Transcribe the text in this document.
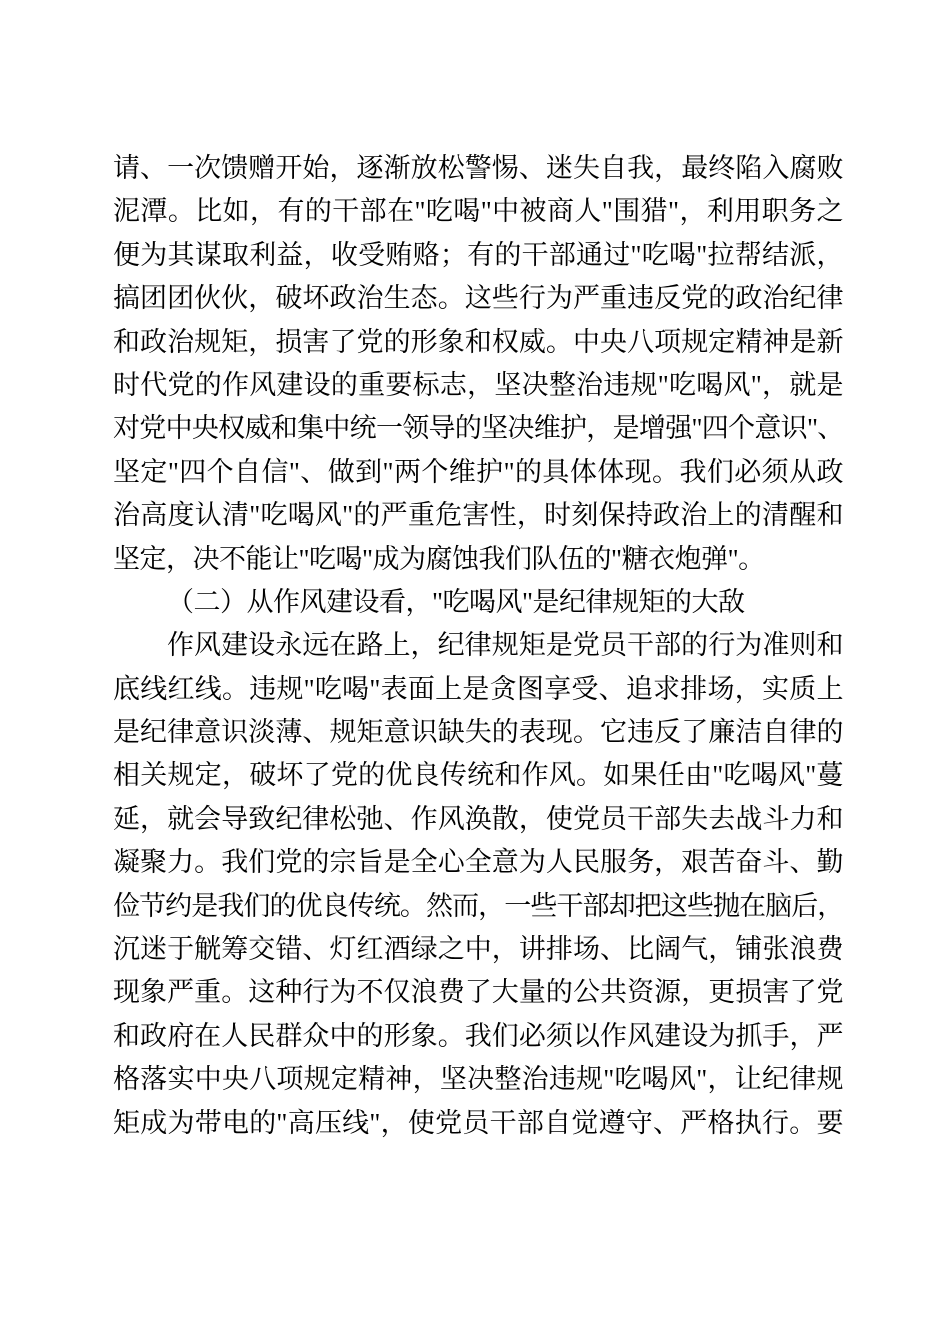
请、一次馈赠开始，逐渐放松警惕、迷失自我，最终陷入腐败
泥潭。比如，有的干部在"吃喝"中被商人"围猎"，利用职务之
便为其谋取利益，收受贿赂；有的干部通过"吃喝"拉帮结派，
搞团团伙伙，破坏政治生态。这些行为严重违反党的政治纪律
和政治规矩，损害了党的形象和权威。中央八项规定精神是新
时代党的作风建设的重要标志，坚决整治违规"吃喝风"，就是
对党中央权威和集中统一领导的坚决维护，是增强"四个意识"、
坚定"四个自信"、做到"两个维护"的具体体现。我们必须从政
治高度认清"吃喝风"的严重危害性，时刻保持政治上的清醒和
坚定，决不能让"吃喝"成为腐蚀我们队伍的"糖衣炮弹"。
（二）从作风建设看，"吃喝风"是纪律规矩的大敌
作风建设永远在路上，纪律规矩是党员干部的行为准则和
底线红线。违规"吃喝"表面上是贪图享受、追求排场，实质上
是纪律意识淡薄、规矩意识缺失的表现。它违反了廉洁自律的
相关规定，破坏了党的优良传统和作风。如果任由"吃喝风"蔓
延，就会导致纪律松弛、作风涣散，使党员干部失去战斗力和
凝聚力。我们党的宗旨是全心全意为人民服务，艰苦奋斗、勤
俭节约是我们的优良传统。然而，一些干部却把这些抛在脑后，
沉迷于觥筹交错、灯红酒绿之中，讲排场、比阔气，铺张浪费
现象严重。这种行为不仅浪费了大量的公共资源，更损害了党
和政府在人民群众中的形象。我们必须以作风建设为抓手，严
格落实中央八项规定精神，坚决整治违规"吃喝风"，让纪律规
矩成为带电的"高压线"，使党员干部自觉遵守、严格执行。要
